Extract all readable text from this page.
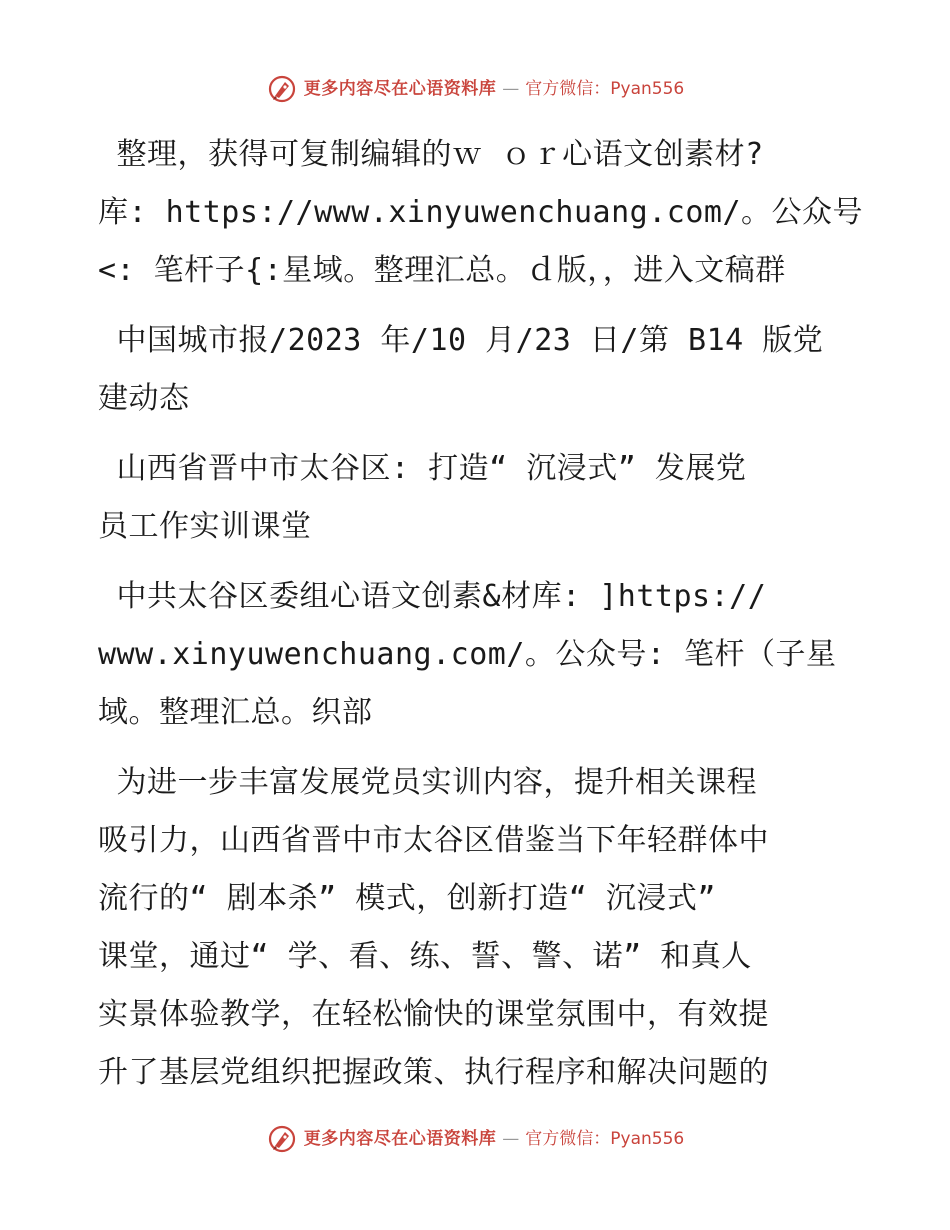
更多内容尽在心语资料库 — 官方微信：Pyan556
整理，获得可复制编辑的ｗ ｏｒ心语文创素材?
库: https://www.xinyuwenchuang.com/。公众号
<: 笔杆子{:星域。整理汇总。ｄ版，，进入文稿群
中国城市报/2023 年/10 月/23 日/第 B14 版党
建动态
山西省晋中市太谷区: 打造“ 沉浸式” 发展党
员工作实训课堂
中共太谷区委组心语文创素&材库: ]https://
www.xinyuwenchuang.com/。公众号: 笔杆（子星
域。整理汇总。织部
为进一步丰富发展党员实训内容，提升相关课程
吸引力，山西省晋中市太谷区借鉴当下年轻群体中
流行的“ 剧本杀” 模式，创新打造“ 沉浸式”
课堂，通过“ 学、看、练、誓、警、诺” 和真人
实景体验教学，在轻松愉快的课堂氛围中，有效提
升了基层党组织把握政策、执行程序和解决问题的
更多内容尽在心语资料库 — 官方微信：Pyan556
